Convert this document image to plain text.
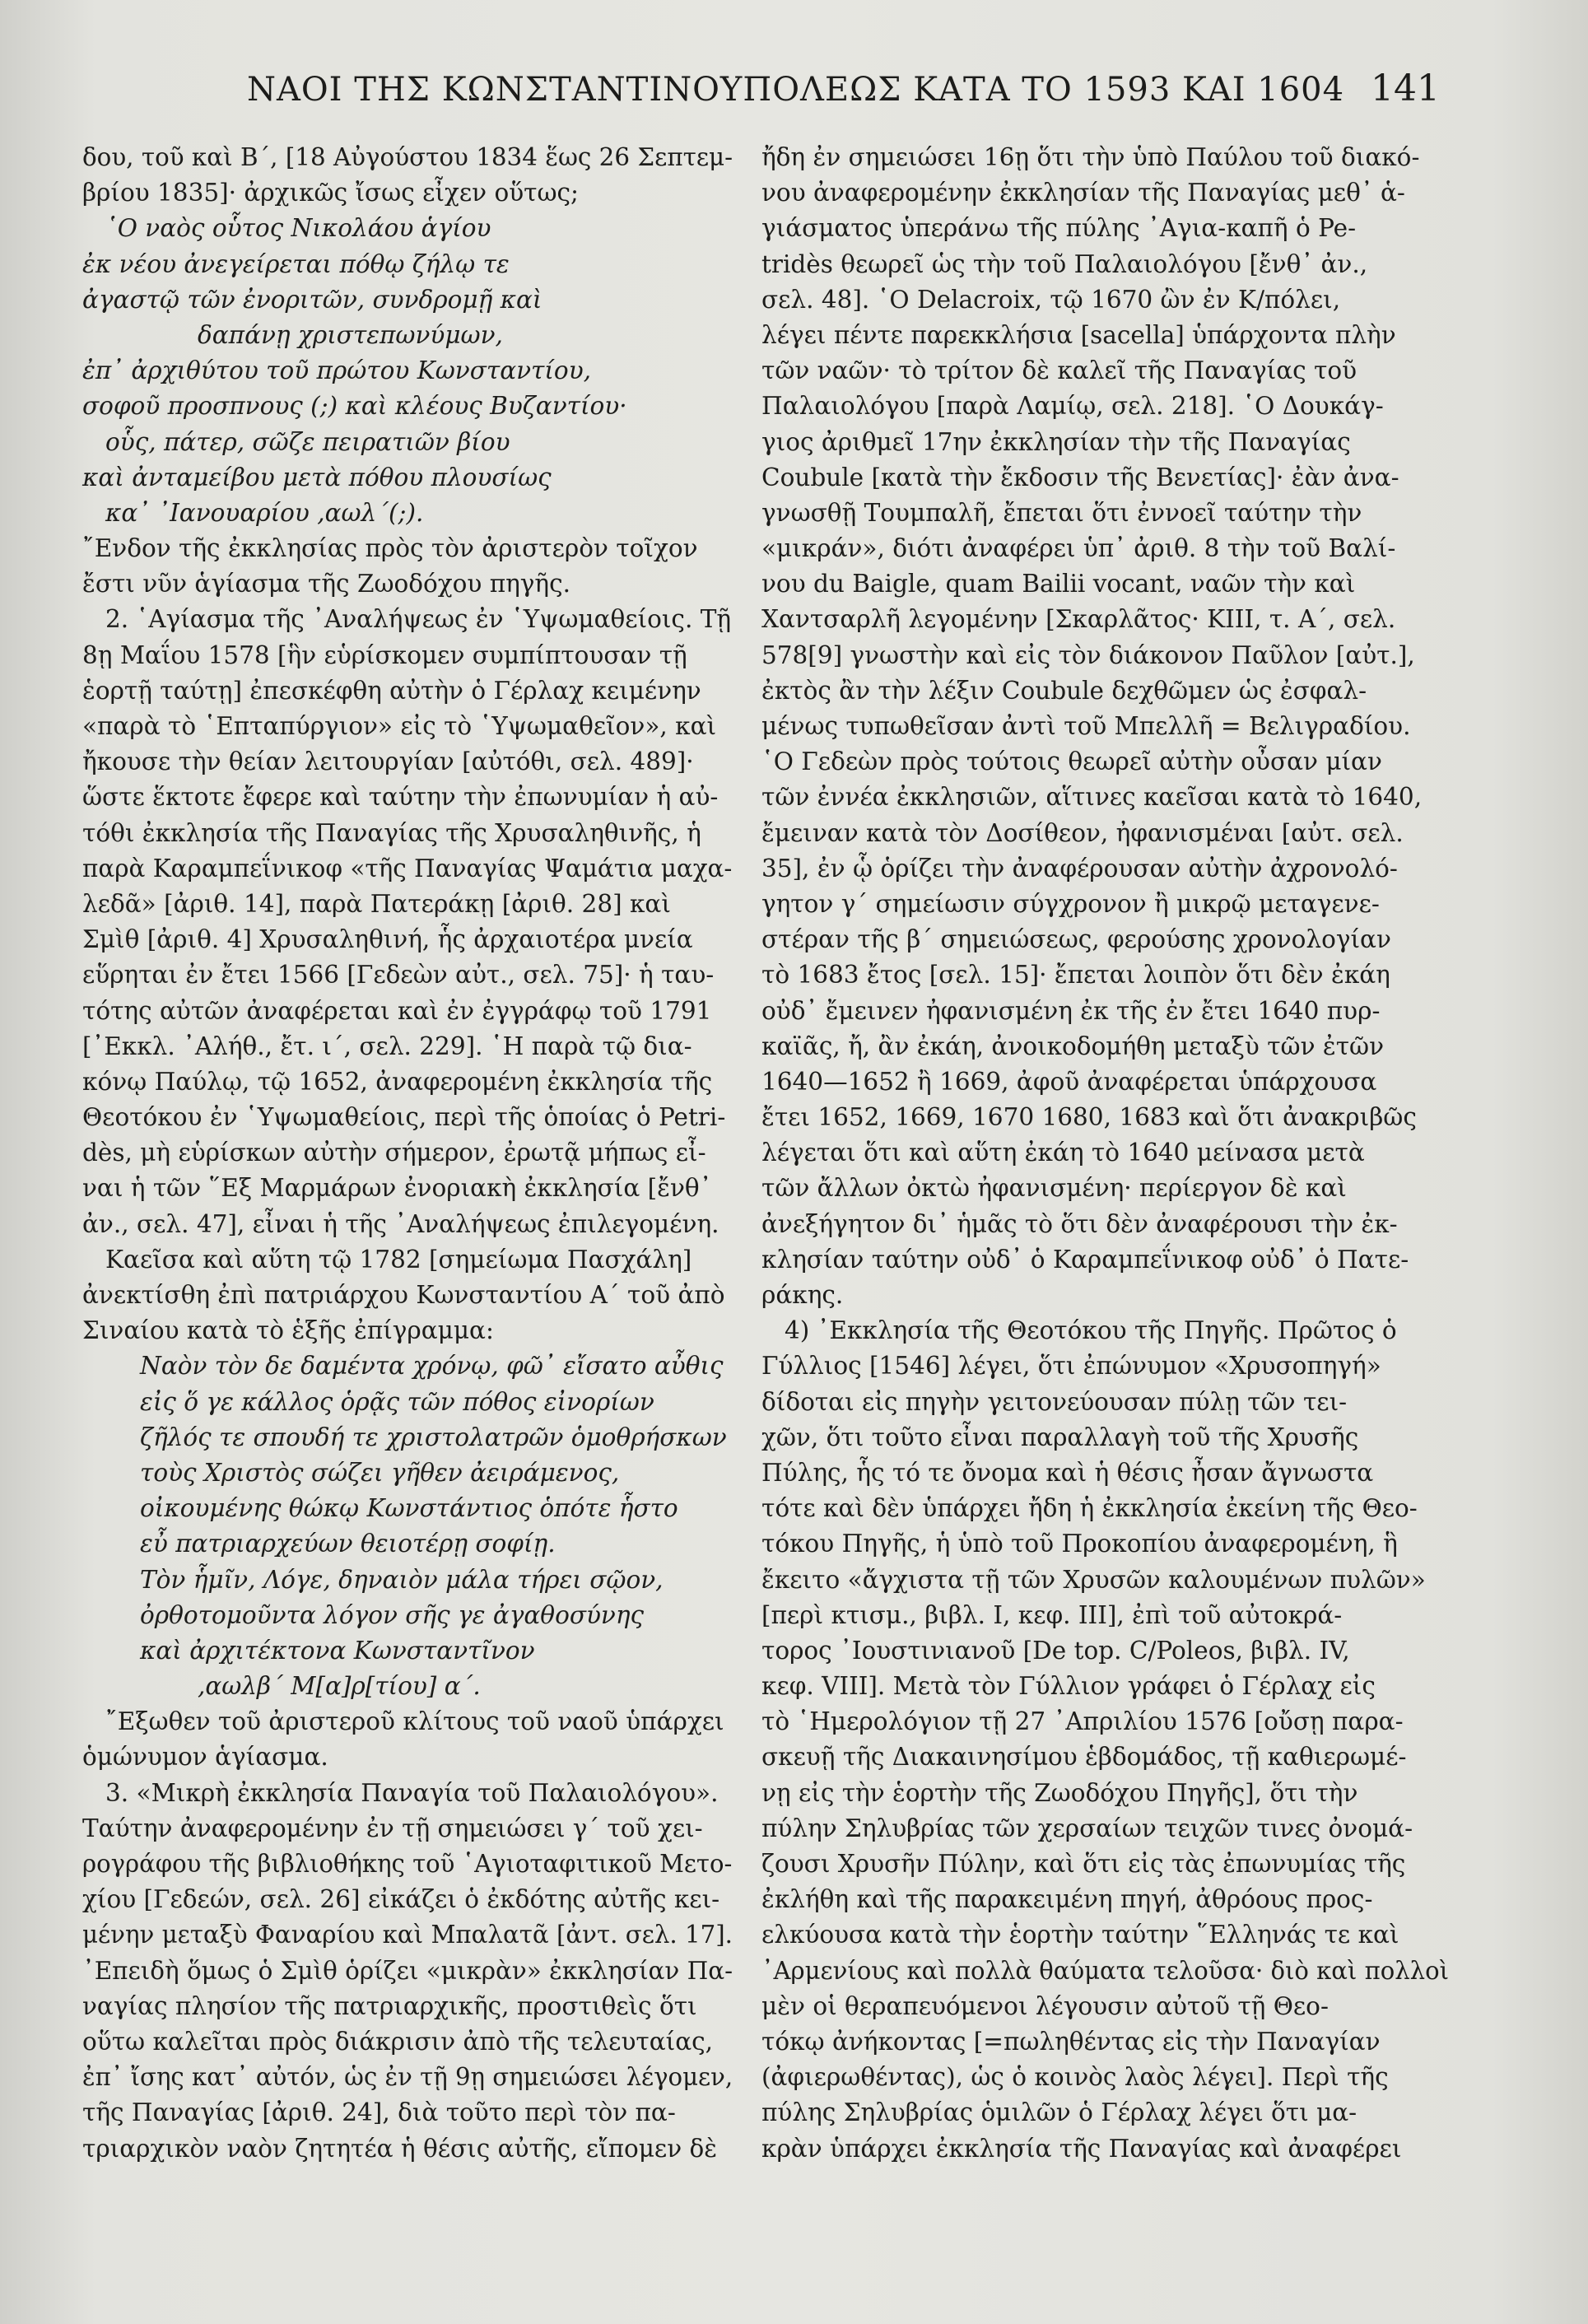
ΝΑΟΙ ΤΗΣ ΚΩΝΣΤΑΝΤΙΝΟΥΠΟΛΕΩΣ ΚΑΤΑ ΤΟ 1593 ΚΑΙ 1604 141
δου, τοῦ καὶ Β΄, [18 Αὐγούστου 1834 ἕως 26 Σεπτεμ-
βρίου 1835]· ἀρχικῶς ἴσως εἶχεν οὕτως;
῾Ο ναὸς οὗτος Νικολάου ἁγίου
ἐκ νέου ἀνεγείρεται πόθῳ ζήλῳ τε
ἀγαστῷ τῶν ἐνοριτῶν, συνδρομῇ καὶ
δαπάνῃ χριστεπωνύμων,
ἐπ᾽ ἀρχιθύτου τοῦ πρώτου Κωνσταντίου,
σοφοῦ προσπνους (;) καὶ κλέους Βυζαντίου·
οὗς, πάτερ, σῶζε πειρατιῶν βίου
καὶ ἀνταμείβου μετὰ πόθου πλουσίως
κα᾽ ᾽Ιανουαρίου ,αωλ΄(;).
῎Ενδον τῆς ἐκκλησίας πρὸς τὸν ἀριστερὸν τοῖχον
ἔστι νῦν ἁγίασμα τῆς Ζωοδόχου πηγῆς.
2. ῾Αγίασμα τῆς ᾽Αναλήψεως ἐν ῾Υψωμαθείοις. Τῇ
8ῃ Μαΐου 1578 [ἣν εὑρίσκομεν συμπίπτουσαν τῇ
ἑορτῇ ταύτῃ] ἐπεσκέφθη αὐτὴν ὁ Γέρλαχ κειμένην
«παρὰ τὸ ῾Επταπύργιον» εἰς τὸ ῾Υψωμαθεῖον», καὶ
ἤκουσε τὴν θείαν λειτουργίαν [αὐτόθι, σελ. 489]·
ὥστε ἕκτοτε ἔφερε καὶ ταύτην τὴν ἐπωνυμίαν ἡ αὐ-
τόθι ἐκκλησία τῆς Παναγίας τῆς Χρυσαληθινῆς, ἡ
παρὰ Καραμπεΐνικοφ «τῆς Παναγίας Ψαμάτια μαχα-
λεδᾶ» [ἀριθ. 14], παρὰ Πατεράκῃ [ἀριθ. 28] καὶ
Σμὶθ [ἀριθ. 4] Χρυσαληθινή, ἧς ἀρχαιοτέρα μνεία
εὕρηται ἐν ἔτει 1566 [Γεδεὼν αὐτ., σελ. 75]· ἡ ταυ-
τότης αὐτῶν ἀναφέρεται καὶ ἐν ἐγγράφῳ τοῦ 1791
[᾽Εκκλ. ᾽Αλήθ., ἔτ. ι΄, σελ. 229]. ῾Η παρὰ τῷ δια-
κόνῳ Παύλῳ, τῷ 1652, ἀναφερομένη ἐκκλησία τῆς
Θεοτόκου ἐν ῾Υψωμαθείοις, περὶ τῆς ὁποίας ὁ Petri-
dès, μὴ εὑρίσκων αὐτὴν σήμερον, ἐρωτᾷ μήπως εἶ-
ναι ἡ τῶν ῞Εξ Μαρμάρων ἐνοριακὴ ἐκκλησία [ἔνθ᾽
ἀν., σελ. 47], εἶναι ἡ τῆς ᾽Αναλήψεως ἐπιλεγομένη.
Καεῖσα καὶ αὕτη τῷ 1782 [σημείωμα Πασχάλη]
ἀνεκτίσθη ἐπὶ πατριάρχου Κωνσταντίου Α΄ τοῦ ἀπὸ
Σιναίου κατὰ τὸ ἑξῆς ἐπίγραμμα:
Ναὸν τὸν δε δαμέντα χρόνῳ, φῶ᾽ εἴσατο αὖθις
εἰς ὅ γε κάλλος ὁρᾷς τῶν πόθος εἰνορίων
ζῆλός τε σπουδή τε χριστολατρῶν ὁμοθρήσκων
τοὺς Χριστὸς σώζει γῆθεν ἀειράμενος,
οἰκουμένης θώκῳ Κωνστάντιος ὁπότε ἧστο
εὖ πατριαρχεύων θειοτέρῃ σοφίῃ.
Τὸν ἧμῖν, Λόγε, δηναιὸν μάλα τήρει σῷον,
ὀρθοτομοῦντα λόγον σῆς γε ἀγαθοσύνης
καὶ ἀρχιτέκτονα Κωνσταντῖνον
,αωλβ΄ Μ[α]ρ[τίου] α΄.
῎Εξωθεν τοῦ ἀριστεροῦ κλίτους τοῦ ναοῦ ὑπάρχει
ὁμώνυμον ἁγίασμα.
3. «Μικρὴ ἐκκλησία Παναγία τοῦ Παλαιολόγου».
Ταύτην ἀναφερομένην ἐν τῇ σημειώσει γ΄ τοῦ χει-
ρογράφου τῆς βιβλιοθήκης τοῦ ῾Αγιοταφιτικοῦ Μετο-
χίου [Γεδεών, σελ. 26] εἰκάζει ὁ ἐκδότης αὐτῆς κει-
μένην μεταξὺ Φαναρίου καὶ Μπαλατᾶ [ἀντ. σελ. 17].
᾽Επειδὴ ὅμως ὁ Σμὶθ ὁρίζει «μικρὰν» ἐκκλησίαν Πα-
ναγίας πλησίον τῆς πατριαρχικῆς, προστιθεὶς ὅτι
οὕτω καλεῖται πρὸς διάκρισιν ἀπὸ τῆς τελευταίας,
ἐπ᾽ ἴσης κατ᾽ αὐτόν, ὡς ἐν τῇ 9ῃ σημειώσει λέγομεν,
τῆς Παναγίας [ἀριθ. 24], διὰ τοῦτο περὶ τὸν πα-
τριαρχικὸν ναὸν ζητητέα ἡ θέσις αὐτῆς, εἴπομεν δὲ
ἤδη ἐν σημειώσει 16ῃ ὅτι τὴν ὑπὸ Παύλου τοῦ διακό-
νου ἀναφερομένην ἐκκλησίαν τῆς Παναγίας μεθ᾽ ἁ-
γιάσματος ὑπεράνω τῆς πύλης ᾽Αγια-καπῆ ὁ Pe-
tridès θεωρεῖ ὡς τὴν τοῦ Παλαιολόγου [ἔνθ᾽ ἀν.,
σελ. 48]. ῾Ο Delacroix, τῷ 1670 ὢν ἐν Κ/πόλει,
λέγει πέντε παρεκκλήσια [sacella] ὑπάρχοντα πλὴν
τῶν ναῶν· τὸ τρίτον δὲ καλεῖ τῆς Παναγίας τοῦ
Παλαιολόγου [παρὰ Λαμίῳ, σελ. 218]. ῾Ο Δουκάγ-
γιος ἀριθμεῖ 17ην ἐκκλησίαν τὴν τῆς Παναγίας
Coubule [κατὰ τὴν ἔκδοσιν τῆς Βενετίας]· ἐὰν ἀνα-
γνωσθῇ Τουμπαλῆ, ἔπεται ὅτι ἐννοεῖ ταύτην τὴν
«μικράν», διότι ἀναφέρει ὑπ᾽ ἀριθ. 8 τὴν τοῦ Βαλί-
νου du Baigle, quam Bailii vocant, ναῶν τὴν καὶ
Χαντσαρλῆ λεγομένην [Σκαρλᾶτος· ΚΙΙΙ, τ. Α΄, σελ.
578[9] γνωστὴν καὶ εἰς τὸν διάκονον Παῦλον [αὐτ.],
ἐκτὸς ἂν τὴν λέξιν Coubule δεχθῶμεν ὡς ἐσφαλ-
μένως τυπωθεῖσαν ἀντὶ τοῦ Μπελλῆ = Βελιγραδίου.
῾Ο Γεδεὼν πρὸς τούτοις θεωρεῖ αὐτὴν οὖσαν μίαν
τῶν ἐννέα ἐκκλησιῶν, αἵτινες καεῖσαι κατὰ τὸ 1640,
ἔμειναν κατὰ τὸν Δοσίθεον, ἠφανισμέναι [αὐτ. σελ.
35], ἐν ᾧ ὁρίζει τὴν ἀναφέρουσαν αὐτὴν ἀχρονολό-
γητον γ΄ σημείωσιν σύγχρονον ἢ μικρῷ μεταγενε-
στέραν τῆς β΄ σημειώσεως, φερούσης χρονολογίαν
τὸ 1683 ἔτος [σελ. 15]· ἔπεται λοιπὸν ὅτι δὲν ἐκάη
οὐδ᾽ ἔμεινεν ἠφανισμένη ἐκ τῆς ἐν ἔτει 1640 πυρ-
καϊᾶς, ἤ, ἂν ἐκάη, ἀνοικοδομήθη μεταξὺ τῶν ἐτῶν
1640—1652 ἢ 1669, ἀφοῦ ἀναφέρεται ὑπάρχουσα
ἔτει 1652, 1669, 1670 1680, 1683 καὶ ὅτι ἀνακριβῶς
λέγεται ὅτι καὶ αὕτη ἐκάη τὸ 1640 μείνασα μετὰ
τῶν ἄλλων ὀκτὼ ἠφανισμένη· περίεργον δὲ καὶ
ἀνεξήγητον δι᾽ ἡμᾶς τὸ ὅτι δὲν ἀναφέρουσι τὴν ἐκ-
κλησίαν ταύτην οὐδ᾽ ὁ Καραμπεΐνικοφ οὐδ᾽ ὁ Πατε-
ράκης.
4) ᾽Εκκλησία τῆς Θεοτόκου τῆς Πηγῆς. Πρῶτος ὁ
Γύλλιος [1546] λέγει, ὅτι ἐπώνυμον «Χρυσοπηγή»
δίδοται εἰς πηγὴν γειτονεύουσαν πύλῃ τῶν τει-
χῶν, ὅτι τοῦτο εἶναι παραλλαγὴ τοῦ τῆς Χρυσῆς
Πύλης, ἧς τό τε ὄνομα καὶ ἡ θέσις ἦσαν ἄγνωστα
τότε καὶ δὲν ὑπάρχει ἤδη ἡ ἐκκλησία ἐκείνη τῆς Θεο-
τόκου Πηγῆς, ἡ ὑπὸ τοῦ Προκοπίου ἀναφερομένη, ἣ
ἔκειτο «ἄγχιστα τῇ τῶν Χρυσῶν καλουμένων πυλῶν»
[περὶ κτισμ., βιβλ. Ι, κεφ. ΙΙΙ], ἐπὶ τοῦ αὐτοκρά-
τορος ᾽Ιουστινιανοῦ [De top. C/Poleos, βιβλ. IV,
κεφ. VIII]. Μετὰ τὸν Γύλλιον γράφει ὁ Γέρλαχ εἰς
τὸ ῾Ημερολόγιον τῇ 27 ᾽Απριλίου 1576 [οὔσῃ παρα-
σκευῇ τῆς Διακαινησίμου ἑβδομάδος, τῇ καθιερωμέ-
νῃ εἰς τὴν ἑορτὴν τῆς Ζωοδόχου Πηγῆς], ὅτι τὴν
πύλην Σηλυβρίας τῶν χερσαίων τειχῶν τινες ὀνομά-
ζουσι Χρυσῆν Πύλην, καὶ ὅτι εἰς τὰς ἐπωνυμίας τῆς
ἐκλήθη καὶ τῆς παρακειμένη πηγή, ἀθρόους προς-
ελκύουσα κατὰ τὴν ἑορτὴν ταύτην ῞Ελληνάς τε καὶ
᾽Αρμενίους καὶ πολλὰ θαύματα τελοῦσα· διὸ καὶ πολλοὶ
μὲν οἱ θεραπευόμενοι λέγουσιν αὐτοῦ τῇ Θεο-
τόκῳ ἀνήκοντας [=πωληθέντας εἰς τὴν Παναγίαν
(ἀφιερωθέντας), ὡς ὁ κοινὸς λαὸς λέγει]. Περὶ τῆς
πύλης Σηλυβρίας ὁμιλῶν ὁ Γέρλαχ λέγει ὅτι μα-
κρὰν ὑπάρχει ἐκκλησία τῆς Παναγίας καὶ ἀναφέρει
